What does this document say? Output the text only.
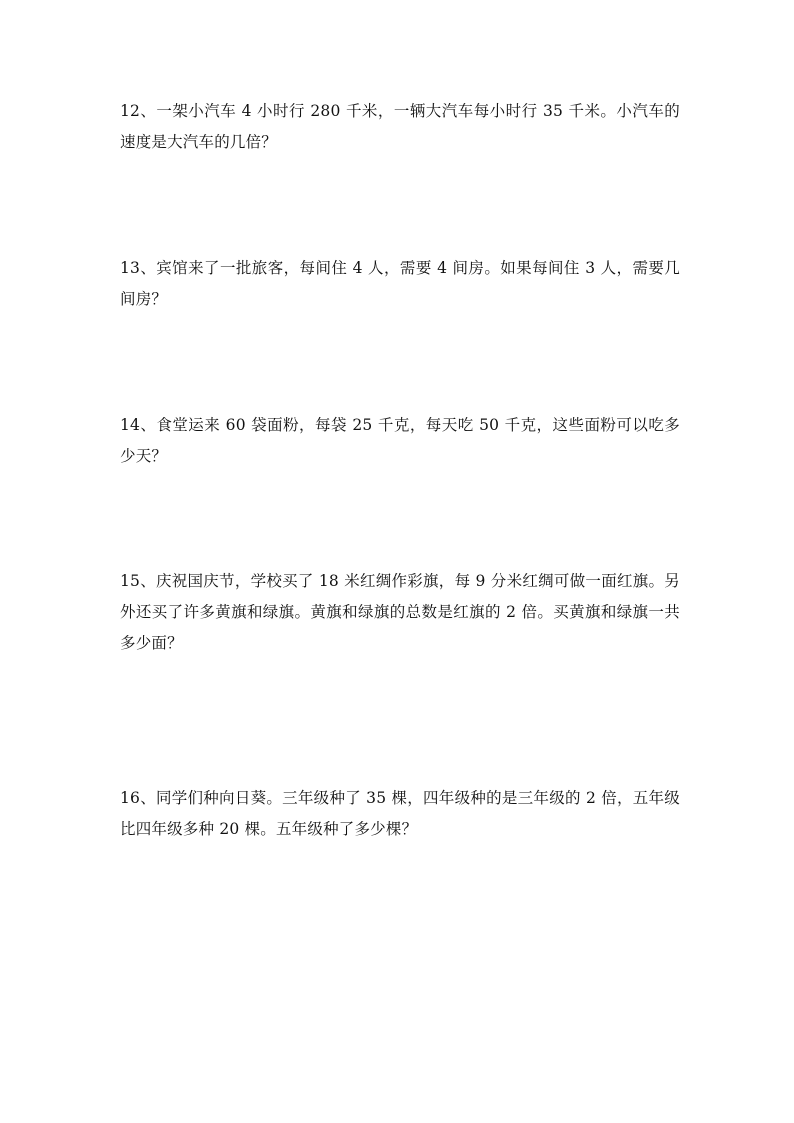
12、一架小汽车 4 小时行 280 千米，一辆大汽车每小时行 35 千米。小汽车的速度是大汽车的几倍？

13、宾馆来了一批旅客，每间住 4 人，需要 4 间房。如果每间住 3 人，需要几间房？

14、食堂运来 60 袋面粉，每袋 25 千克，每天吃 50 千克，这些面粉可以吃多少天？

15、庆祝国庆节，学校买了 18 米红绸作彩旗，每 9 分米红绸可做一面红旗。另外还买了许多黄旗和绿旗。黄旗和绿旗的总数是红旗的 2 倍。买黄旗和绿旗一共多少面？

16、同学们种向日葵。三年级种了 35 棵，四年级种的是三年级的 2 倍，五年级比四年级多种 20 棵。五年级种了多少棵？
